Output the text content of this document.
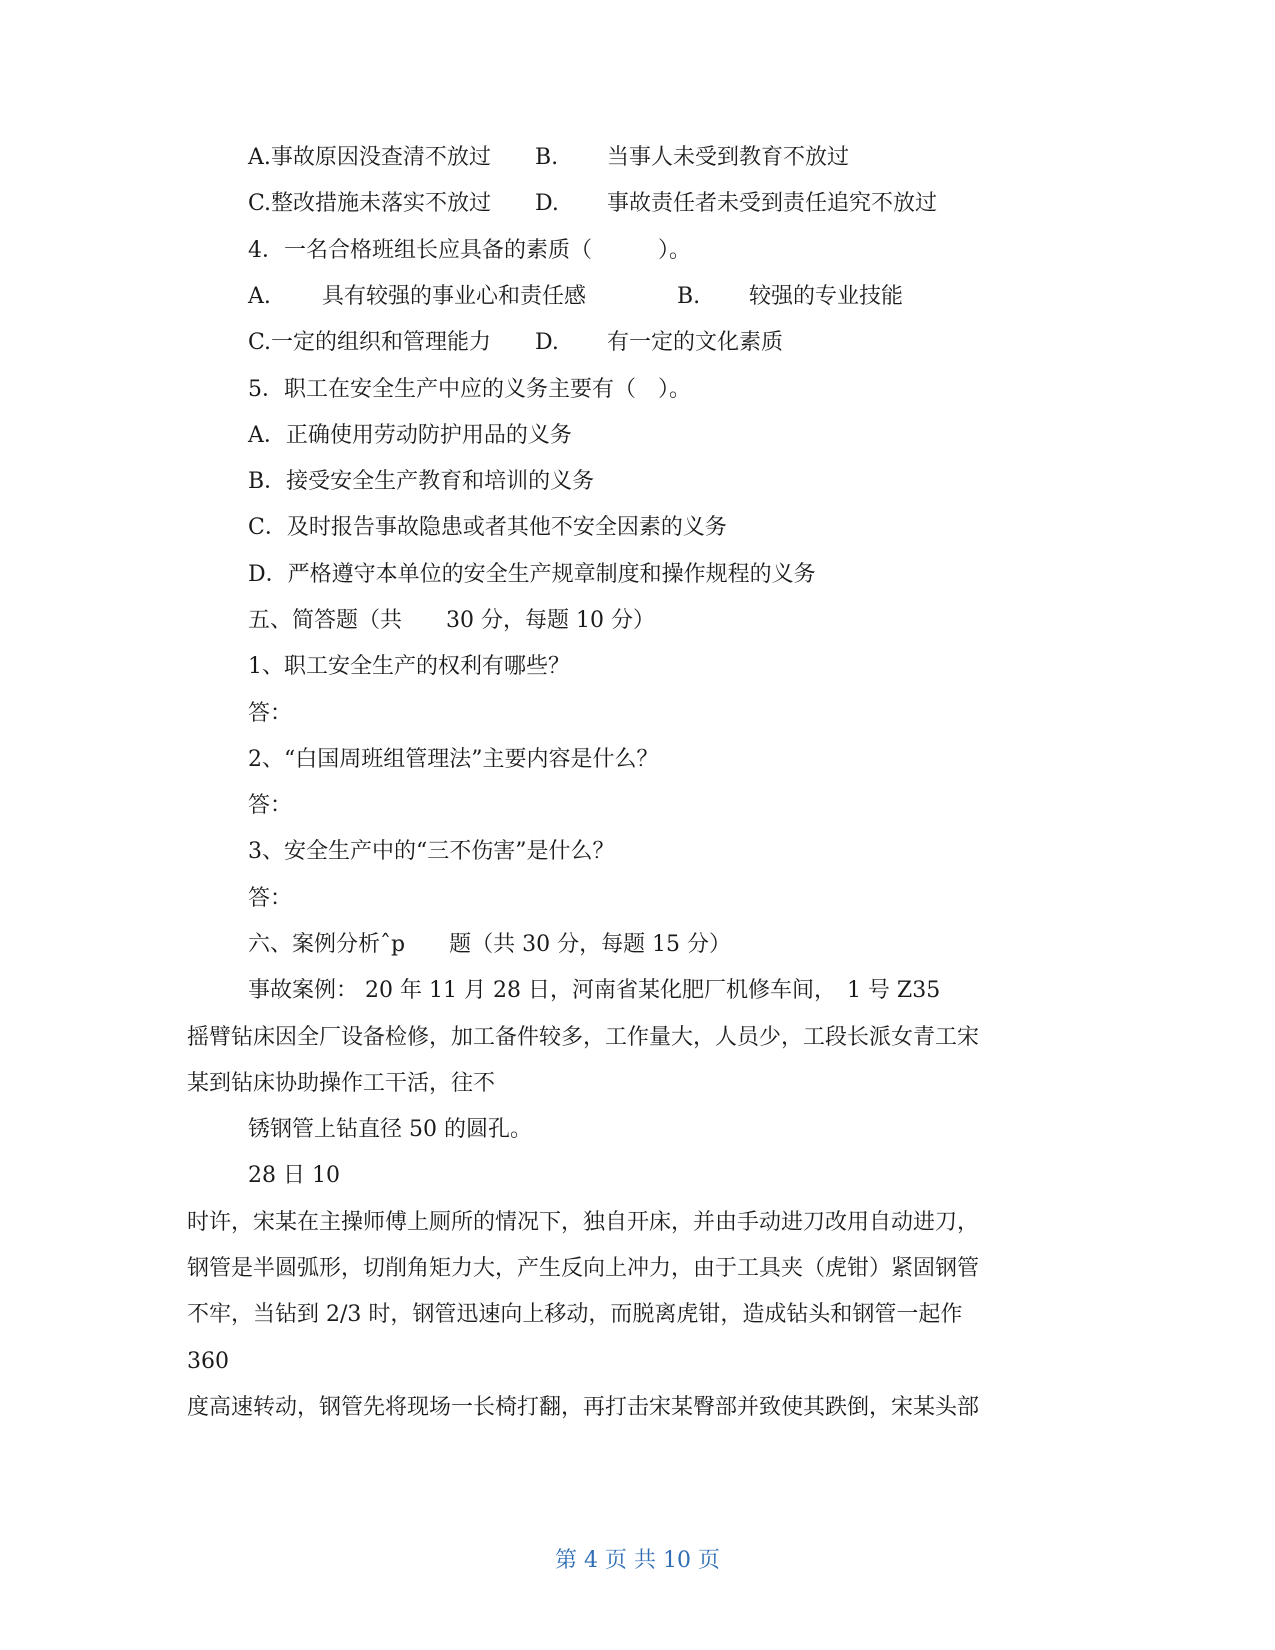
A.事故原因没查清不放过 B. 当事人未受到教育不放过
C.整改措施未落实不放过 D. 事故责任者未受到责任追究不放过
4．一名合格班组长应具备的素质（　　　）。
A. 具有较强的事业心和责任感	B. 较强的专业技能
C.一定的组织和管理能力 D. 有一定的文化素质
5．职工在安全生产中应的义务主要有（　）。
A．正确使用劳动防护用品的义务
B．接受安全生产教育和培训的义务
C．及时报告事故隐患或者其他不安全因素的义务
D．严格遵守本单位的安全生产规章制度和操作规程的义务
五、简答题（共　　30 分，每题 10 分）
1、职工安全生产的权利有哪些？
答：
2、“白国周班组管理法”主要内容是什么？
答：
3、安全生产中的“三不伤害”是什么？
答：
六、案例分析ˆp　　题（共 30 分，每题 15 分）
事故案例： 20 年 11 月 28 日，河南省某化肥厂机修车间，　1 号 Z35
摇臂钻床因全厂设备检修，加工备件较多，工作量大，人员少，工段长派女青工宋
某到钻床协助操作工干活，往不
锈钢管上钻直径 50 的圆孔。
28 日 10
时许，宋某在主操师傅上厕所的情况下，独自开床，并由手动进刀改用自动进刀，
钢管是半圆弧形，切削角矩力大，产生反向上冲力，由于工具夹（虎钳）紧固钢管
不牢，当钻到 2/3 时，钢管迅速向上移动，而脱离虎钳，造成钻头和钢管一起作
360
度高速转动，钢管先将现场一长椅打翻，再打击宋某臀部并致使其跌倒，宋某头部
第 4 页 共 10 页
